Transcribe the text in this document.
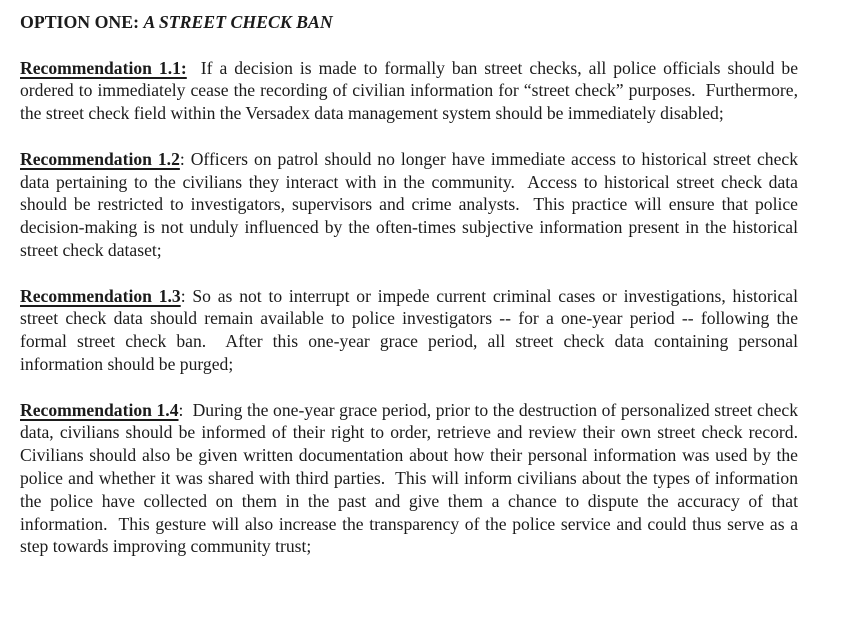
OPTION ONE: A STREET CHECK BAN

Recommendation 1.1: If a decision is made to formally ban street checks, all police officials should be ordered to immediately cease the recording of civilian information for “street check” purposes.  Furthermore, the street check field within the Versadex data management system should be immediately disabled;

Recommendation 1.2: Officers on patrol should no longer have immediate access to historical street check data pertaining to the civilians they interact with in the community.  Access to historical street check data should be restricted to investigators, supervisors and crime analysts.  This practice will ensure that police decision-making is not unduly influenced by the often-times subjective information present in the historical street check dataset;

Recommendation 1.3: So as not to interrupt or impede current criminal cases or investigations, historical street check data should remain available to police investigators -- for a one-year period -- following the formal street check ban.  After this one-year grace period, all street check data containing personal information should be purged;

Recommendation 1.4:  During the one-year grace period, prior to the destruction of personalized street check data, civilians should be informed of their right to order, retrieve and review their own street check record.  Civilians should also be given written documentation about how their personal information was used by the police and whether it was shared with third parties.  This will inform civilians about the types of information the police have collected on them in the past and give them a chance to dispute the accuracy of that information.  This gesture will also increase the transparency of the police service and could thus serve as a step towards improving community trust;
